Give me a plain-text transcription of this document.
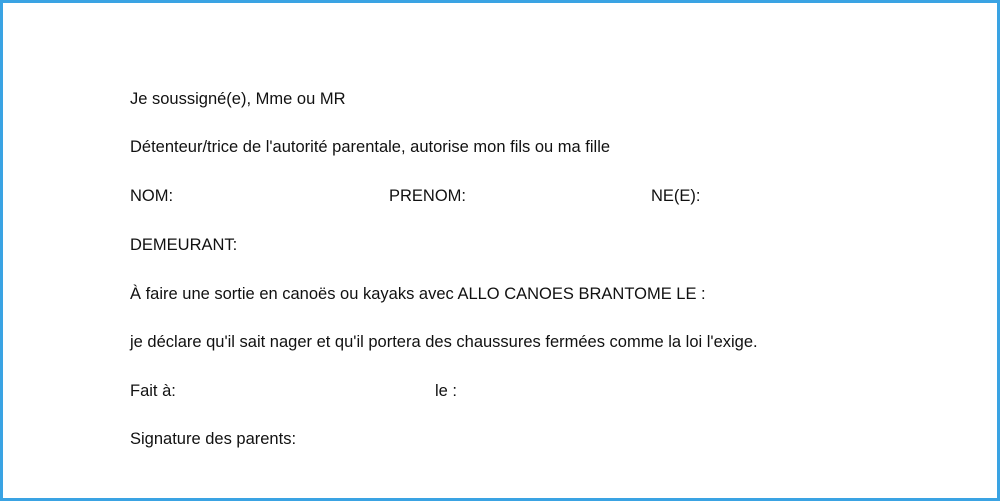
Je soussigné(e), Mme ou MR
Détenteur/trice de l'autorité parentale, autorise mon fils ou ma fille
NOM:	PRENOM:	NE(E):
DEMEURANT:
À faire une sortie en canoës ou kayaks avec ALLO CANOES BRANTOME LE :
je déclare qu'il sait nager et qu'il portera des chaussures fermées comme la loi l'exige.
Fait à:	le :
Signature des parents:
